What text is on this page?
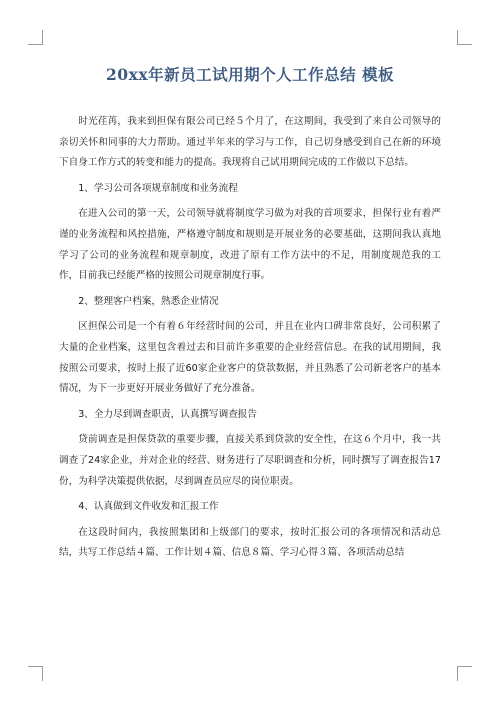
20xx年新员工试用期个人工作总结 模板

时光荏苒，我来到担保有限公司已经５个月了，在这期间，我受到了来自公司领导的亲切关怀和同事的大力帮助。通过半年来的学习与工作，自己切身感受到自己在新的环境下自身工作方式的转变和能力的提高。我现将自己试用期间完成的工作做以下总结。

1、学习公司各项规章制度和业务流程

在进入公司的第一天，公司领导就将制度学习做为对我的首项要求，担保行业有着严谨的业务流程和风控措施，严格遵守制度和规则是开展业务的必要基础，这期间我认真地学习了公司的业务流程和规章制度，改进了原有工作方法中的不足，用制度规范我的工作，目前我已经能严格的按照公司规章制度行事。

2、整理客户档案，熟悉企业情况

区担保公司是一个有着６年经营时间的公司，并且在业内口碑非常良好，公司积累了大量的企业档案，这里包含着过去和目前许多重要的企业经营信息。在我的试用期间，我按照公司要求，按时上报了近60家企业客户的贷款数据，并且熟悉了公司新老客户的基本情况，为下一步更好开展业务做好了充分准备。

3、全力尽到调查职责，认真撰写调查报告

贷前调查是担保贷款的重要步骤，直接关系到贷款的安全性，在这６个月中，我一共调查了24家企业，并对企业的经营、财务进行了尽职调查和分析，同时撰写了调查报告17份，为科学决策提供依据，尽到调查员应尽的岗位职责。

4、认真做到文件收发和汇报工作

在这段时间内，我按照集团和上级部门的要求，按时汇报公司的各项情况和活动总结，共写工作总结４篇、工作计划４篇、信息８篇、学习心得３篇、各项活动总结
